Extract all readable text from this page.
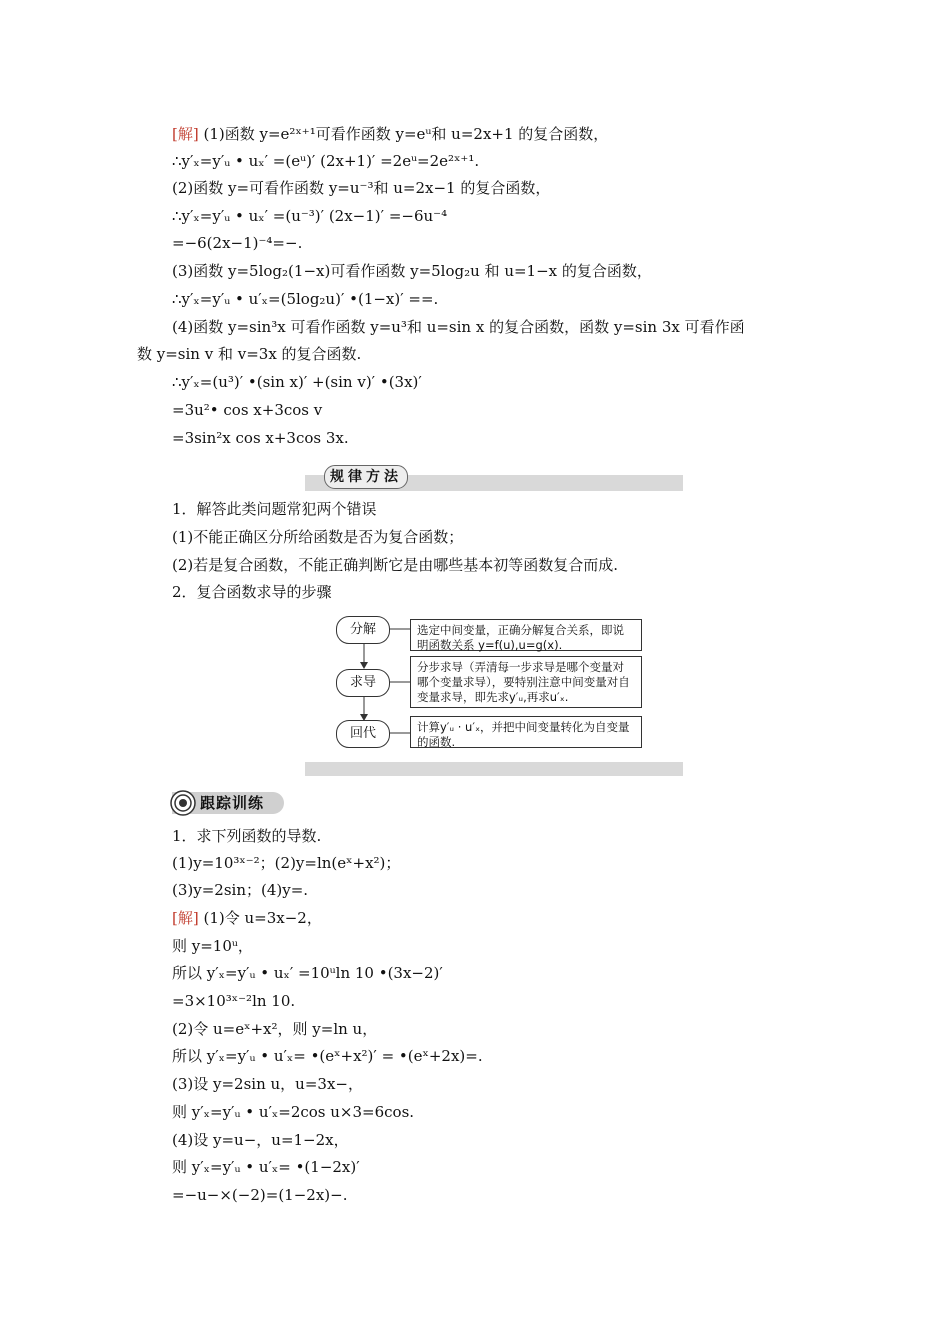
[解] (1)函数 y=e²ˣ⁺¹可看作函数 y=eᵘ和 u=2x+1 的复合函数，
∴y′ₓ=y′ᵤ • uₓ′ =(eᵘ)′ (2x+1)′ =2eᵘ=2e²ˣ⁺¹.
(2)函数 y=可看作函数 y=u⁻³和 u=2x−1 的复合函数，
∴y′ₓ=y′ᵤ • uₓ′ =(u⁻³)′ (2x−1)′ =−6u⁻⁴
=−6(2x−1)⁻⁴=−.
(3)函数 y=5log₂(1−x)可看作函数 y=5log₂u 和 u=1−x 的复合函数，
∴y′ₓ=y′ᵤ • u′ₓ=(5log₂u)′ •(1−x)′ ==.
(4)函数 y=sin³x 可看作函数 y=u³和 u=sin x 的复合函数，函数 y=sin 3x 可看作函
数 y=sin v 和 v=3x 的复合函数.
∴y′ₓ=(u³)′ •(sin x)′ +(sin v)′ •(3x)′
=3u²• cos x+3cos v
=3sin²x cos x+3cos 3x.
规律方法
1．解答此类问题常犯两个错误
(1)不能正确区分所给函数是否为复合函数；
(2)若是复合函数，不能正确判断它是由哪些基本初等函数复合而成.
2．复合函数求导的步骤
分解	选定中间变量，正确分解复合关系，即说明函数关系 y=f(u),u=g(x).
求导
分步求导（弄清每一步求导是哪个变量对哪个变量求导），要特别注意中间变量对自变量求导，即先求y′ᵤ,再求u′ₓ.
回代	计算y′ᵤ · u′ₓ，并把中间变量转化为自变量的函数.
跟踪训练
1．求下列函数的导数.
(1)y=10³ˣ⁻²；(2)y=ln(eˣ+x²)；
(3)y=2sin；(4)y=.
[解] (1)令 u=3x−2，
则 y=10ᵘ，
所以 y′ₓ=y′ᵤ • uₓ′ =10ᵘln 10 •(3x−2)′
=3×10³ˣ⁻²ln 10.
(2)令 u=eˣ+x²，则 y=ln u，
所以 y′ₓ=y′ᵤ • u′ₓ= •(eˣ+x²)′ = •(eˣ+2x)=.
(3)设 y=2sin u，u=3x−，
则 y′ₓ=y′ᵤ • u′ₓ=2cos u×3=6cos.
(4)设 y=u−，u=1−2x，
则 y′ₓ=y′ᵤ • u′ₓ= •(1−2x)′
=−u−×(−2)=(1−2x)−.
